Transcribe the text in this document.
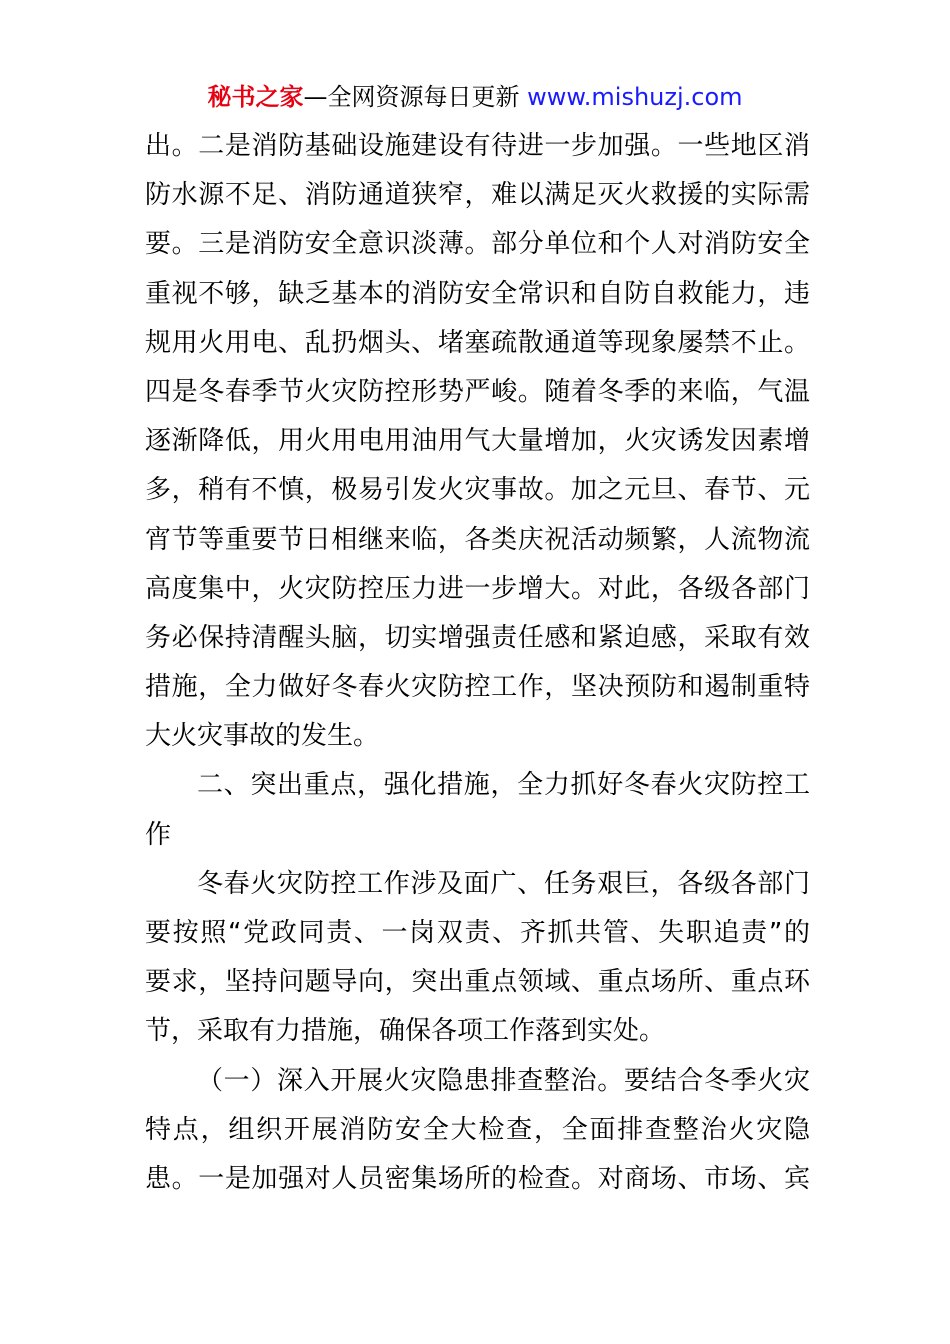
秘书之家—全网资源每日更新 www.mishuzj.com
出。二是消防基础设施建设有待进一步加强。一些地区消
防水源不足、消防通道狭窄，难以满足灭火救援的实际需
要。三是消防安全意识淡薄。部分单位和个人对消防安全
重视不够，缺乏基本的消防安全常识和自防自救能力，违
规用火用电、乱扔烟头、堵塞疏散通道等现象屡禁不止。
四是冬春季节火灾防控形势严峻。随着冬季的来临，气温
逐渐降低，用火用电用油用气大量增加，火灾诱发因素增
多，稍有不慎，极易引发火灾事故。加之元旦、春节、元
宵节等重要节日相继来临，各类庆祝活动频繁，人流物流
高度集中，火灾防控压力进一步增大。对此，各级各部门
务必保持清醒头脑，切实增强责任感和紧迫感，采取有效
措施，全力做好冬春火灾防控工作，坚决预防和遏制重特
大火灾事故的发生。
二、突出重点，强化措施，全力抓好冬春火灾防控工
作
冬春火灾防控工作涉及面广、任务艰巨，各级各部门
要按照“党政同责、一岗双责、齐抓共管、失职追责”的
要求，坚持问题导向，突出重点领域、重点场所、重点环
节，采取有力措施，确保各项工作落到实处。
（一）深入开展火灾隐患排查整治。要结合冬季火灾
特点，组织开展消防安全大检查，全面排查整治火灾隐
患。一是加强对人员密集场所的检查。对商场、市场、宾
